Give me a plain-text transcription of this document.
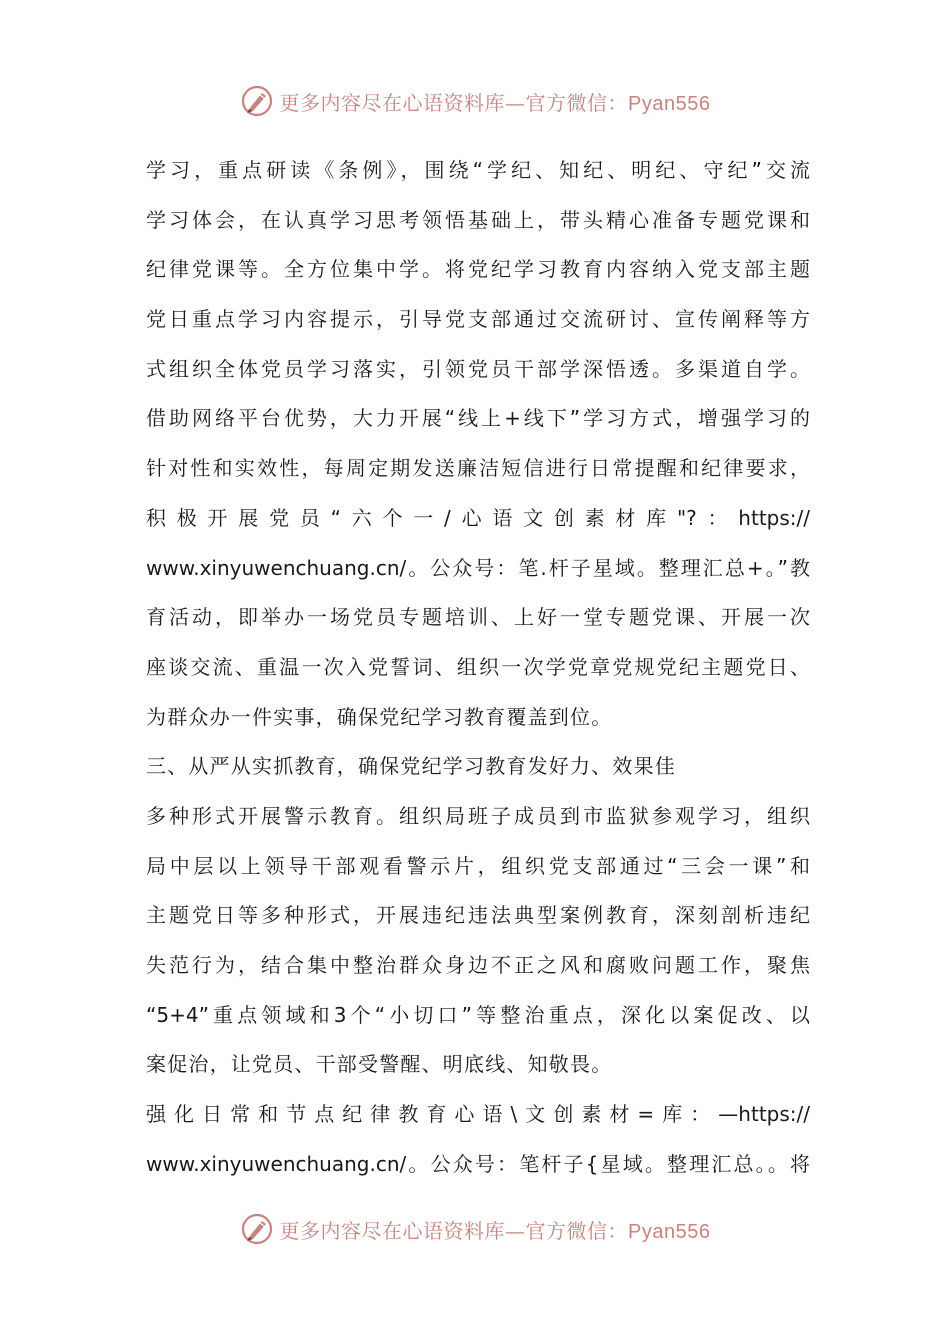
更多内容尽在心语资料库—官方微信：Pyan556
学习，重点研读《条例》，围绕“学纪、知纪、明纪、守纪”交流
学习体会，在认真学习思考领悟基础上，带头精心准备专题党课和
纪律党课等。全方位集中学。将党纪学习教育内容纳入党支部主题
党日重点学习内容提示，引导党支部通过交流研讨、宣传阐释等方
式组织全体党员学习落实，引领党员干部学深悟透。多渠道自学。
借助网络平台优势，大力开展“线上+线下”学习方式，增强学习的
针对性和实效性，每周定期发送廉洁短信进行日常提醒和纪律要求，
积极开展党员“六个一/心语文创素材库"?：https://
www.xinyuwenchuang.cn/。公众号：笔.杆子星域。整理汇总+。”教
育活动，即举办一场党员专题培训、上好一堂专题党课、开展一次
座谈交流、重温一次入党誓词、组织一次学党章党规党纪主题党日、
为群众办一件实事，确保党纪学习教育覆盖到位。
三、从严从实抓教育，确保党纪学习教育发好力、效果佳
多种形式开展警示教育。组织局班子成员到市监狱参观学习，组织
局中层以上领导干部观看警示片，组织党支部通过“三会一课”和
主题党日等多种形式，开展违纪违法典型案例教育，深刻剖析违纪
失范行为，结合集中整治群众身边不正之风和腐败问题工作，聚焦
“5+4”重点领域和3个“小切口”等整治重点，深化以案促改、以
案促治，让党员、干部受警醒、明底线、知敬畏。
强化日常和节点纪律教育心语\文创素材=库：—https://
www.xinyuwenchuang.cn/。公众号：笔杆子{星域。整理汇总。。将
更多内容尽在心语资料库—官方微信：Pyan556
